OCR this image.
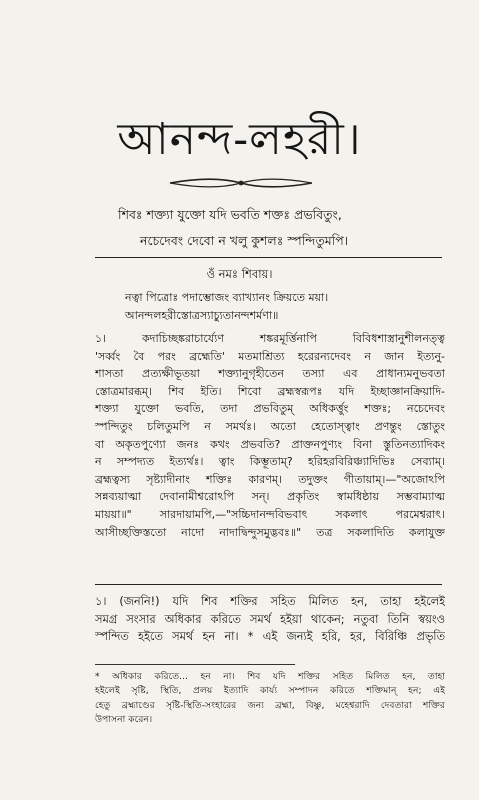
আনন্দ-লহরী।
শিবঃ শক্ত্যা যুক্তো যদি ভবতি শক্তঃ প্রভবিতুং,
নচেদেবং দেবো ন খলু কুশলঃ স্পন্দিতুমপি।
ওঁ নমঃ শিবায়।
নত্বা পিত্রোঃ পদাম্ভোজং ব্যাখ্যানং ক্রিয়তে ময়া।
আনন্দলহরীস্তোত্রস্যাচ্যুতানন্দশর্মণা॥
১। কদাচিচ্ছঙ্করাচার্য্যেণ শঙ্করমূর্ত্তিনাপি বিবিধশাস্ত্রানুশীলনত্ত্ব
'সর্ব্বং বৈ পরং ব্রহ্মেতি' মতমাশ্রিত্য হরেরন্যদেবং ন জান ইত্যনু-
শাসতা প্রত্যক্ষীভূতয়া শক্ত্যানুগৃহীতেন তস্যা এব প্রাধান্যমনুভবতা
স্তোত্রমারব্ধম্। শিব ইতি। শিবো ব্রহ্মস্বরূপঃ যদি ইচ্ছাজ্ঞানক্রিয়াদি-
শক্ত্যা যুক্তো ভবতি, তদা প্রভবিতুম্ অধিকর্ত্তুং শক্তঃ; নচেদেবং
স্পন্দিতুং চলিতুমপি ন সমর্থঃ। অতো হেতোস্ত্বাং প্রণন্তুং স্তোতুং
বা অকৃতপুণ্যো জনঃ কথং প্রভবতি? প্রাক্তনপুণ্যং বিনা স্তুতিনত্যাদিকং
ন সম্পদ্যত ইত্যর্থঃ। ত্বাং কিম্ভূতাম্? হরিহরবিরিঞ্চ্যাদিভিঃ সেব্যাম্।
ব্রহ্মত্বস্য সৃষ্ট্যাদীনাং শক্তিঃ কারণম্। তদুক্তং গীতায়াম্।—"অজোঽপি
সন্নব্যয়াত্মা দেবানামীশ্বরোঽপি সন্। প্রকৃতিং স্বামধিষ্ঠায় সম্ভবাম্যাত্ম
মায়য়া॥" সারদায়ামপি,—"সচ্চিদানন্দবিভবাৎ সকলাৎ পরমেশ্বরাৎ।
আসীচ্ছক্তিস্ততো নাদো নাদাদ্বিন্দুসমুদ্ভবঃ॥" তত্র সকলাদিতি কলাযুক্ত
১। (জননি!) যদি শিব শক্তির সহিত মিলিত হন, তাহা হইলেই
সমগ্র সংসার অধিকার করিতে সমর্থ হইয়া থাকেন; নতুবা তিনি স্বয়ংও
স্পন্দিত হইতে সমর্থ হন না। * এই জন্যই হরি, হর, বিরিঞ্চি প্রভৃতি
* অধিকার করিতে... হন না। শিব যদি শক্তির সহিত মিলিত হন, তাহা
হইলেই সৃষ্টি, স্থিতি, প্রলয় ইত্যাদি কার্য্য সম্পাদন করিতে শক্তিমান্ হন; এই
হেতু ব্রহ্মাণ্ডের সৃষ্টি-স্থিতি-সংহারের জন্য ব্রহ্মা, বিষ্ণু, মহেশ্বরাদি দেবতারা শক্তির
উপাসনা করেন।
